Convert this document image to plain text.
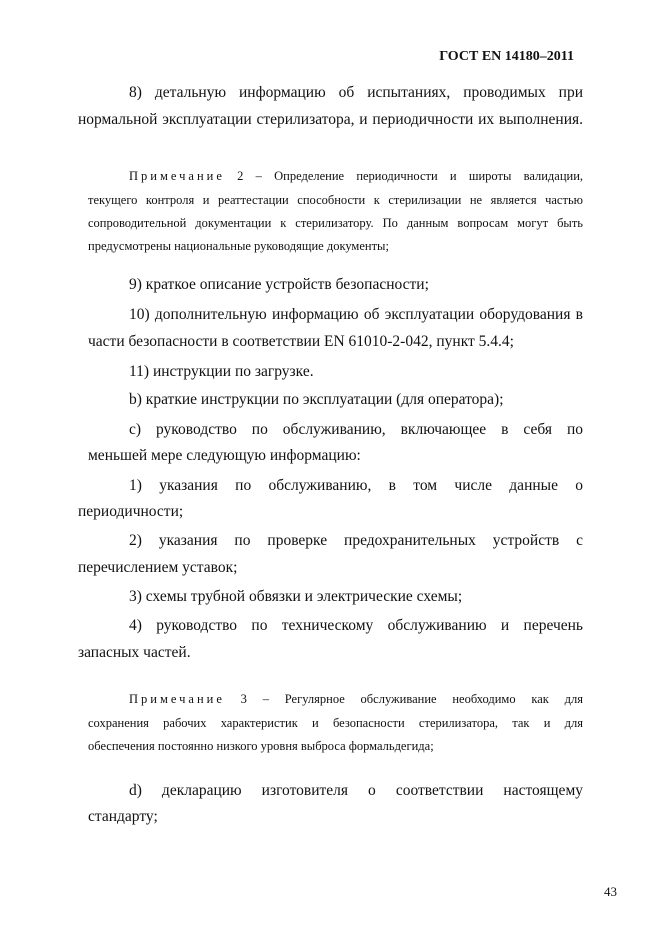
ГОСТ EN 14180–2011
8) детальную информацию об испытаниях, проводимых при
нормальной эксплуатации стерилизатора, и периодичности их выполнения.
Примечание 2 – Определение периодичности и широты валидации,
текущего контроля и реаттестации способности к стерилизации не является частью
сопроводительной документации к стерилизатору. По данным вопросам могут быть
предусмотрены национальные руководящие документы;
9) краткое описание устройств безопасности;
10) дополнительную информацию об эксплуатации оборудования в
части безопасности в соответствии EN 61010-2-042, пункт 5.4.4;
11) инструкции по загрузке.
b) краткие инструкции по эксплуатации (для оператора);
c) руководство по обслуживанию, включающее в себя по
меньшей мере следующую информацию:
1) указания по обслуживанию, в том числе данные о
периодичности;
2) указания по проверке предохранительных устройств с
перечислением уставок;
3) схемы трубной обвязки и электрические схемы;
4) руководство по техническому обслуживанию и перечень
запасных частей.
Примечание 3 – Регулярное обслуживание необходимо как для
сохранения рабочих характеристик и безопасности стерилизатора, так и для
обеспечения постоянно низкого уровня выброса формальдегида;
d) декларацию изготовителя о соответствии настоящему
стандарту;
43
